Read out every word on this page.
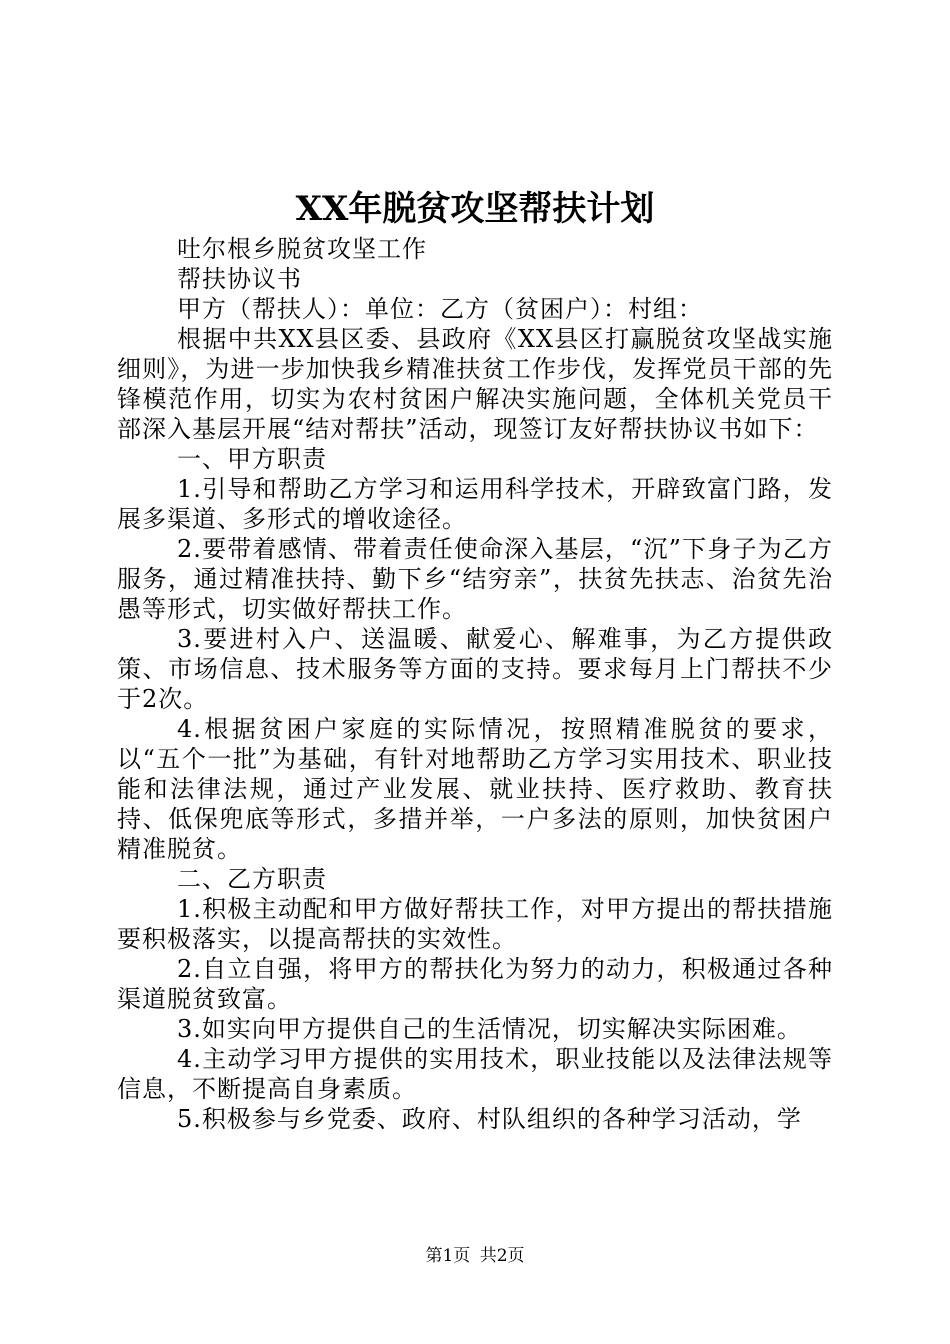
XX年脱贫攻坚帮扶计划

吐尔根乡脱贫攻坚工作

帮扶协议书

甲方（帮扶人）：单位：乙方（贫困户）：村组：

根据中共XX县区委、县政府《XX县区打赢脱贫攻坚战实施细则》，为进一步加快我乡精准扶贫工作步伐，发挥党员干部的先锋模范作用，切实为农村贫困户解决实施问题，全体机关党员干部深入基层开展“结对帮扶”活动，现签订友好帮扶协议书如下：

一、甲方职责

1.引导和帮助乙方学习和运用科学技术，开辟致富门路，发展多渠道、多形式的增收途径。

2.要带着感情、带着责任使命深入基层，“沉”下身子为乙方服务，通过精准扶持、勤下乡“结穷亲”，扶贫先扶志、治贫先治愚等形式，切实做好帮扶工作。

3.要进村入户、送温暖、献爱心、解难事，为乙方提供政策、市场信息、技术服务等方面的支持。要求每月上门帮扶不少于2次。

4.根据贫困户家庭的实际情况，按照精准脱贫的要求，以“五个一批”为基础，有针对地帮助乙方学习实用技术、职业技能和法律法规，通过产业发展、就业扶持、医疗救助、教育扶持、低保兜底等形式，多措并举，一户多法的原则，加快贫困户精准脱贫。

二、乙方职责

1.积极主动配和甲方做好帮扶工作，对甲方提出的帮扶措施要积极落实，以提高帮扶的实效性。

2.自立自强，将甲方的帮扶化为努力的动力，积极通过各种渠道脱贫致富。

3.如实向甲方提供自己的生活情况，切实解决实际困难。

4.主动学习甲方提供的实用技术，职业技能以及法律法规等信息，不断提高自身素质。

5.积极参与乡党委、政府、村队组织的各种学习活动，学

第1页 共2页
